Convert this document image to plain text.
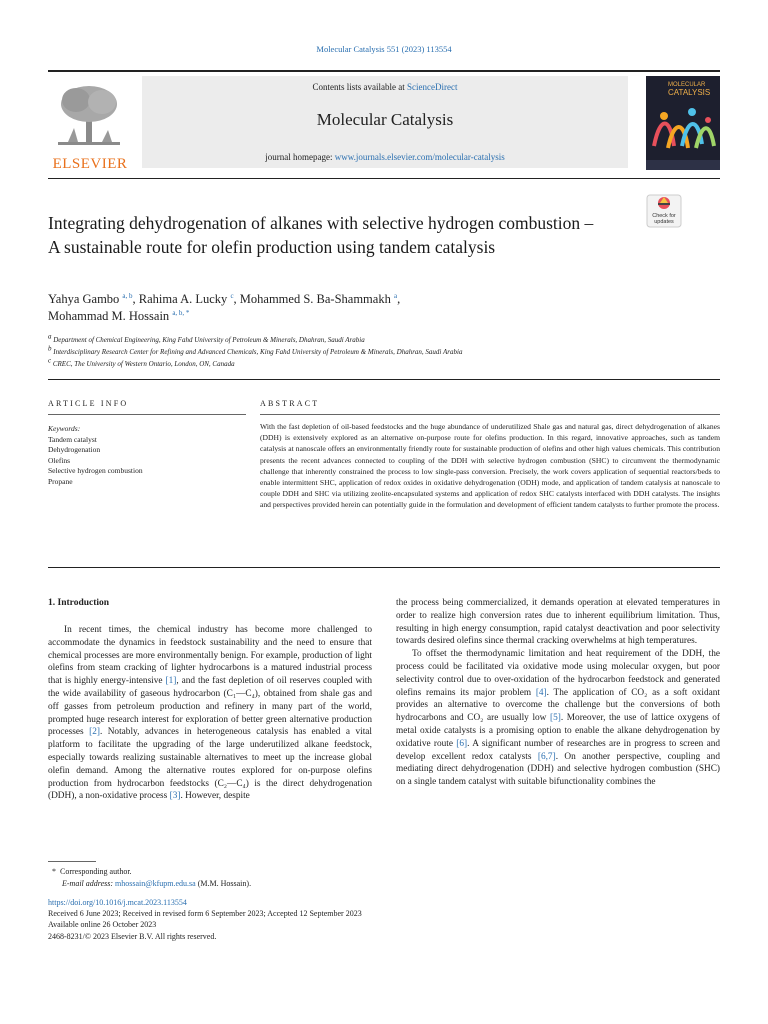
Molecular Catalysis 551 (2023) 113554
ELSEVIER
Contents lists available at ScienceDirect
Molecular Catalysis
journal homepage: www.journals.elsevier.com/molecular-catalysis
MOLECULAR
CATALYSIS
Check for
updates
Integrating dehydrogenation of alkanes with selective hydrogen combustion – A sustainable route for olefin production using tandem catalysis
Yahya Gambo $^{a, b}$, Rahima A. Lucky $^c$, Mohammed S. Ba-Shammakh $^a$,
Mohammad M. Hossain $^{a, b, *}$
$^a$ Department of Chemical Engineering, King Fahd University of Petroleum & Minerals, Dhahran, Saudi Arabia
$^b$ Interdisciplinary Research Center for Refining and Advanced Chemicals, King Fahd University of Petroleum & Minerals, Dhahran, Saudi Arabia
$^c$ CREC, The University of Western Ontario, London, ON, Canada
ARTICLE INFO	ABSTRACT
Keywords:
Tandem catalyst
Dehydrogenation
Olefins
Selective hydrogen combustion
Propane
With the fast depletion of oil-based feedstocks and the huge abundance of underutilized Shale gas and natural gas, direct dehydrogenation of alkanes (DDH) is extensively explored as an alternative on-purpose route for olefins production. In this regard, innovative approaches, such as tandem catalysis at nanoscale offers an environmentally friendly route for sustainable production of olefins and other high values chemicals. This contribution presents the recent advances connected to coupling of the DDH with selective hydrogen combustion (SHC) to circumvent the thermodynamic challenge that inherently constrained the process to low single-pass conversion. Precisely, the work covers application of sequential reactors/beds to enable intermittent SHC, application of redox oxides in oxidative dehydrogenation (ODH) mode, and application of tandem catalysis at nanoscale to couple DDH and SHC via utilizing zeolite-encapsulated systems and application of redox SHC catalysts interfaced with DDH catalysts. The insights and perspectives provided herein can potentially guide in the formulation and development of efficient tandem catalysts to further promote the process.
1. Introduction

In recent times, the chemical industry has become more challenged to accommodate the dynamics in feedstock sustainability and the need to ensure that chemical processes are more environmentally benign. For example, production of light olefins from steam cracking of lighter hydrocarbons is a matured industrial process that is highly energy-intensive [1], and the fast depletion of oil reserves coupled with the wide availability of gaseous hydrocarbon (C₁—C₄), obtained from shale gas and off gasses from petroleum production and refinery in many part of the world, prompted huge research interest for exploration of better green alternative production processes [2]. Notably, advances in heterogeneous catalysis has enabled a vital platform to facilitate the upgrading of the large underutilized alkane feedstock, especially towards realizing sustainable alternatives to meet up the increase global olefin demand. Among the alternative routes explored for on-purpose olefins production from hydrocarbon feedstocks (C₂—C₄) is the direct dehydrogenation (DDH), a non-oxidative process [3]. However, despite

the process being commercialized, it demands operation at elevated temperatures in order to realize high conversion rates due to inherent equilibrium limitation. Thus, resulting in high energy consumption, rapid catalyst deactivation and poor selectivity towards desired olefins since thermal cracking overwhelms at high temperatures.

To offset the thermodynamic limitation and heat requirement of the DDH, the process could be facilitated via oxidative mode using molecular oxygen, but poor selectivity control due to over-oxidation of the hydrocarbon feedstock and generated olefins remains its major problem [4]. The application of CO₂ as a soft oxidant provides an alternative to overcome the challenge but the conversions of both hydrocarbons and CO₂ are usually low [5]. Moreover, the use of lattice oxygens of metal oxide catalysts is a promising option to enable the alkane dehydrogenation by oxidative route [6]. A significant number of researches are in progress to screen and develop excellent redox catalysts [6,7]. On another perspective, coupling and mediating direct dehydrogenation (DDH) and selective hydrogen combustion (SHC) on a single tandem catalyst with suitable bifunctionality combines the

*  Corresponding author.
E-mail address: mhossain@kfupm.edu.sa (M.M. Hossain).
https://doi.org/10.1016/j.mcat.2023.113554
Received 6 June 2023; Received in revised form 6 September 2023; Accepted 12 September 2023
Available online 26 October 2023
2468-8231/© 2023 Elsevier B.V. All rights reserved.
